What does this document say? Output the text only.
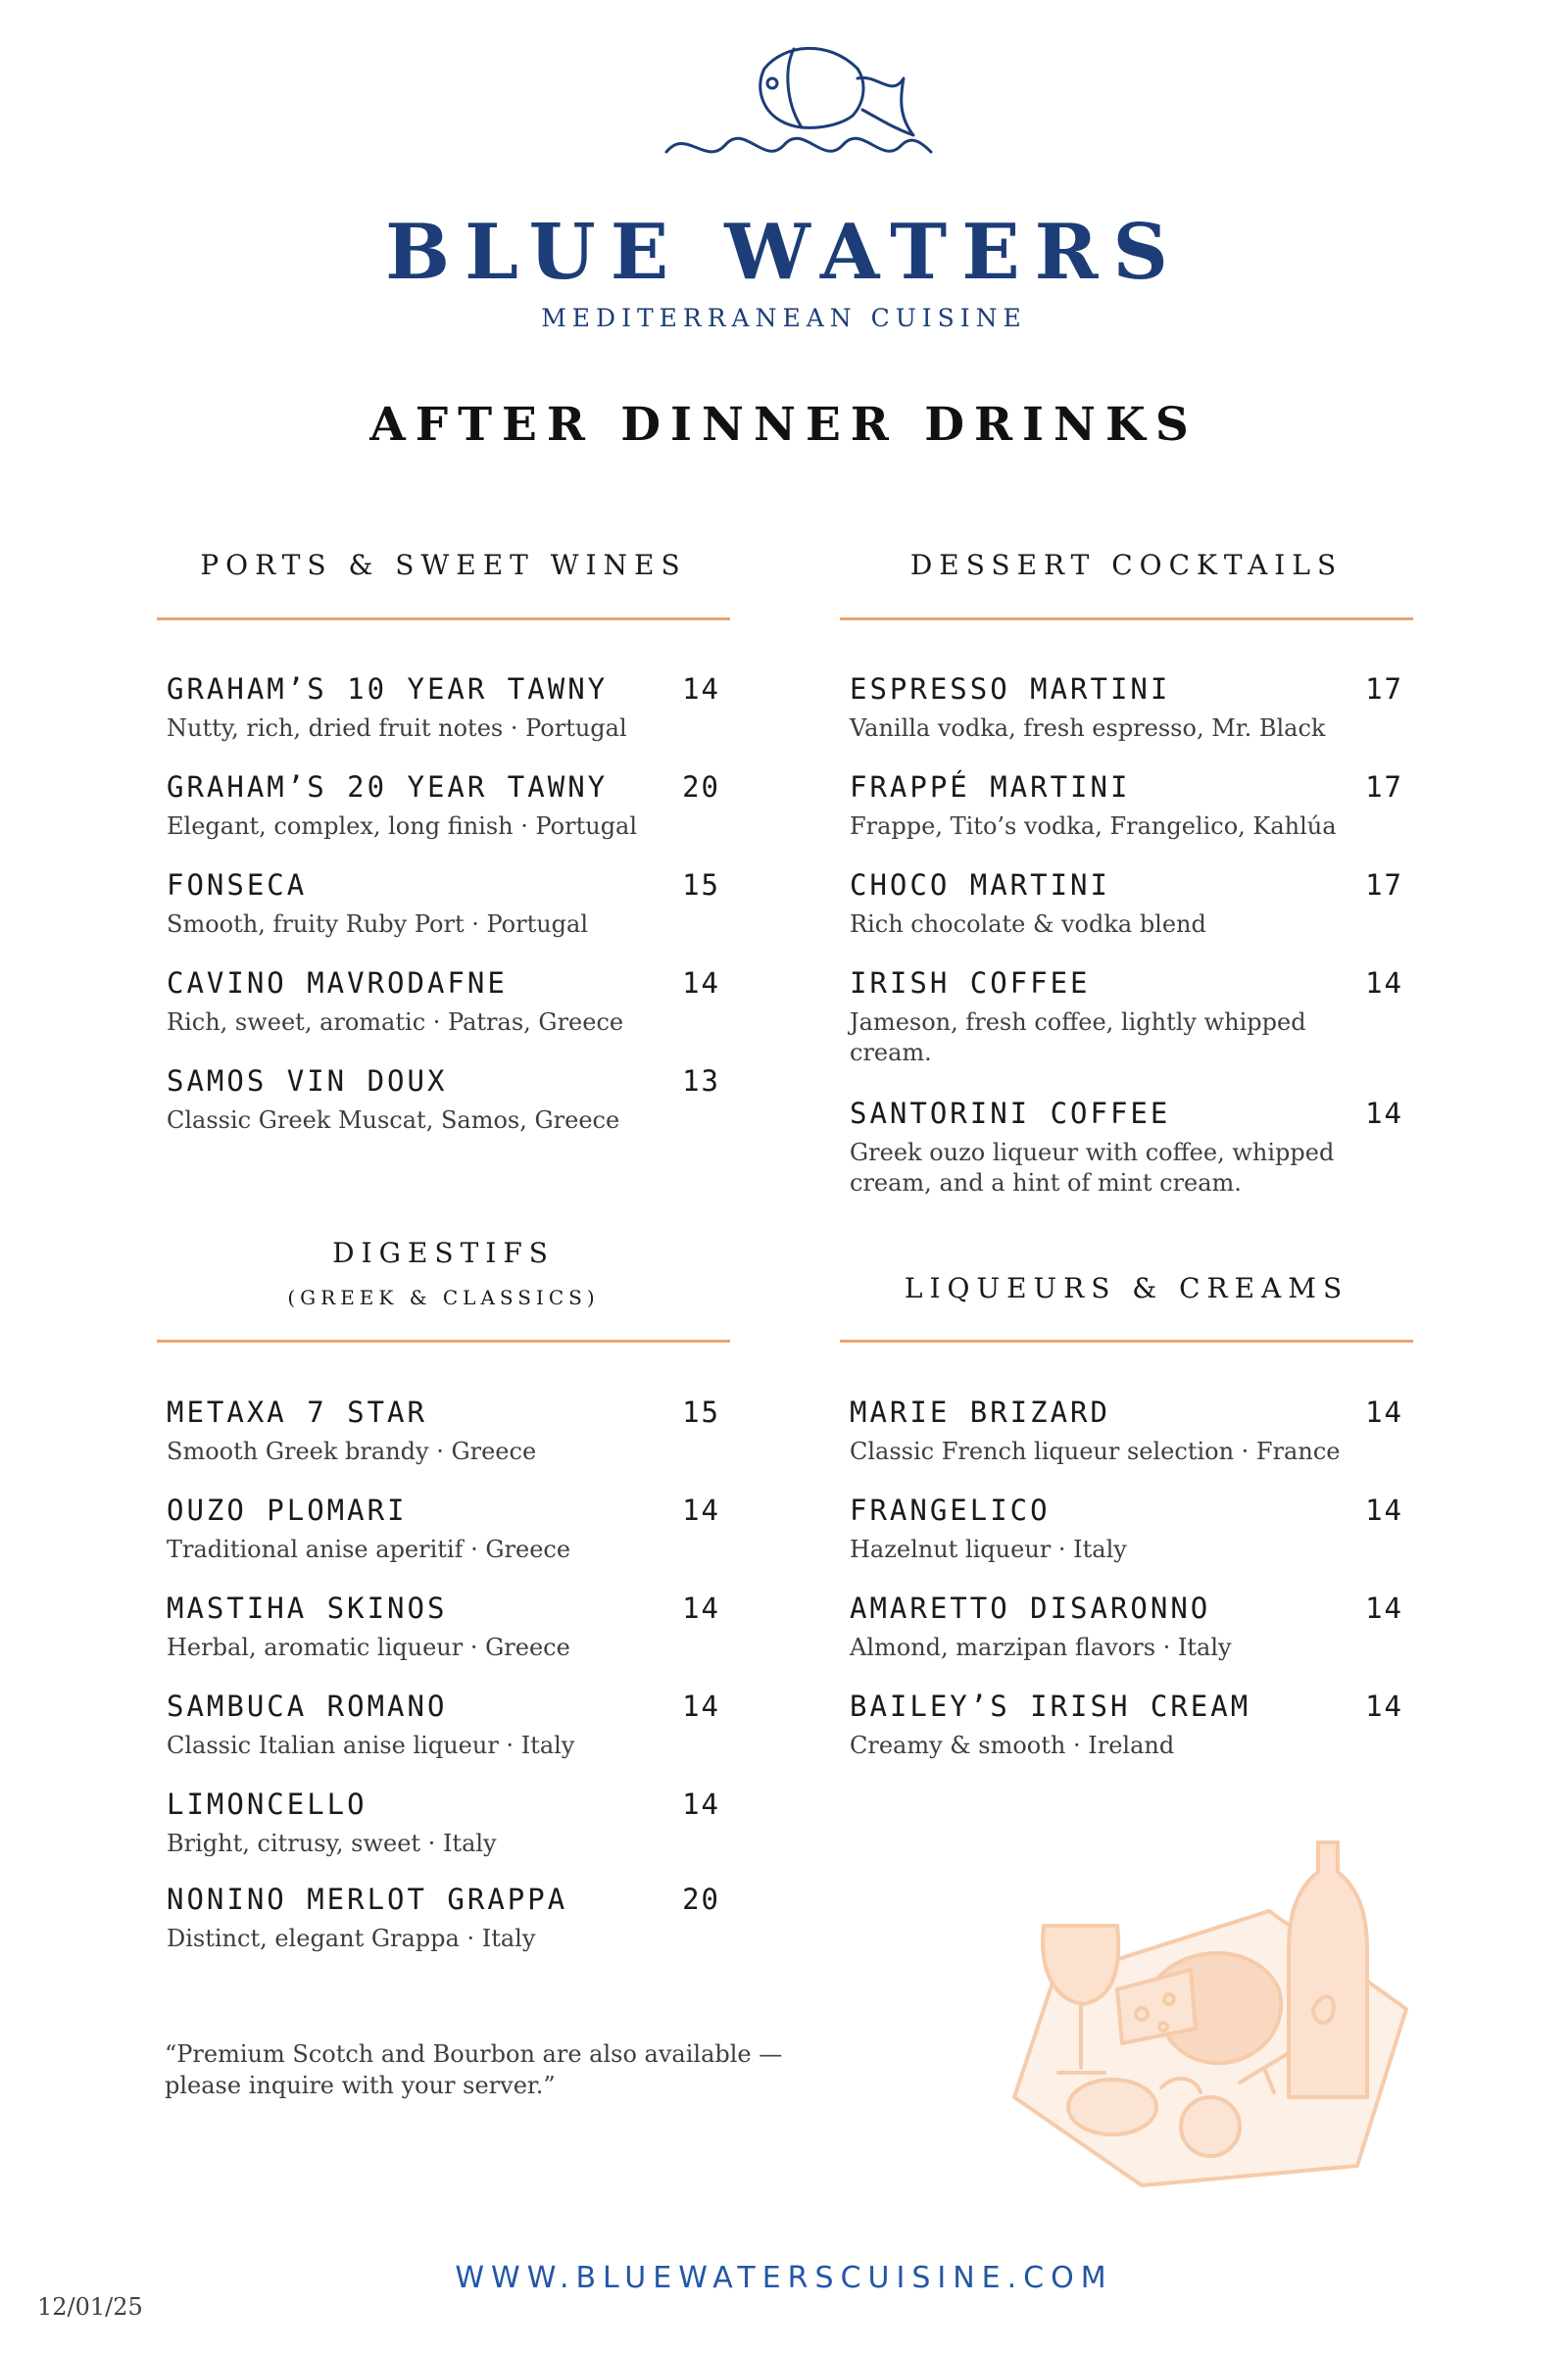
BLUE WATERS
MEDITERRANEAN CUISINE
AFTER DINNER DRINKS
PORTS & SWEET WINES
GRAHAM’S 10 YEAR TAWNY	14
Nutty, rich, dried fruit notes · Portugal
GRAHAM’S 20 YEAR TAWNY	20
Elegant, complex, long finish · Portugal
FONSECA	15
Smooth, fruity Ruby Port · Portugal
CAVINO MAVRODAFNE	14
Rich, sweet, aromatic · Patras, Greece
SAMOS VIN DOUX	13
Classic Greek Muscat, Samos, Greece
DESSERT COCKTAILS
ESPRESSO MARTINI	17
Vanilla vodka, fresh espresso, Mr. Black
FRAPPÉ MARTINI	17
Frappe, Tito’s vodka, Frangelico, Kahlúa
CHOCO MARTINI	17
Rich chocolate & vodka blend
IRISH COFFEE	14
Jameson, fresh coffee, lightly whipped cream.
SANTORINI COFFEE	14
Greek ouzo liqueur with coffee, whipped cream, and a hint of mint cream.
DIGESTIFS
(GREEK & CLASSICS)
METAXA 7 STAR	15
Smooth Greek brandy · Greece
OUZO PLOMARI	14
Traditional anise aperitif · Greece
MASTIHA SKINOS	14
Herbal, aromatic liqueur · Greece
SAMBUCA ROMANO	14
Classic Italian anise liqueur · Italy
LIMONCELLO	14
Bright, citrusy, sweet · Italy
NONINO MERLOT GRAPPA	20
Distinct, elegant Grappa · Italy
LIQUEURS & CREAMS
MARIE BRIZARD	14
Classic French liqueur selection · France
FRANGELICO	14
Hazelnut liqueur · Italy
AMARETTO DISARONNO	14
Almond, marzipan flavors · Italy
BAILEY’S IRISH CREAM	14
Creamy & smooth · Ireland
“Premium Scotch and Bourbon are also available —please inquire with your server.”
WWW.BLUEWATERSCUISINE.COM
12/01/25
